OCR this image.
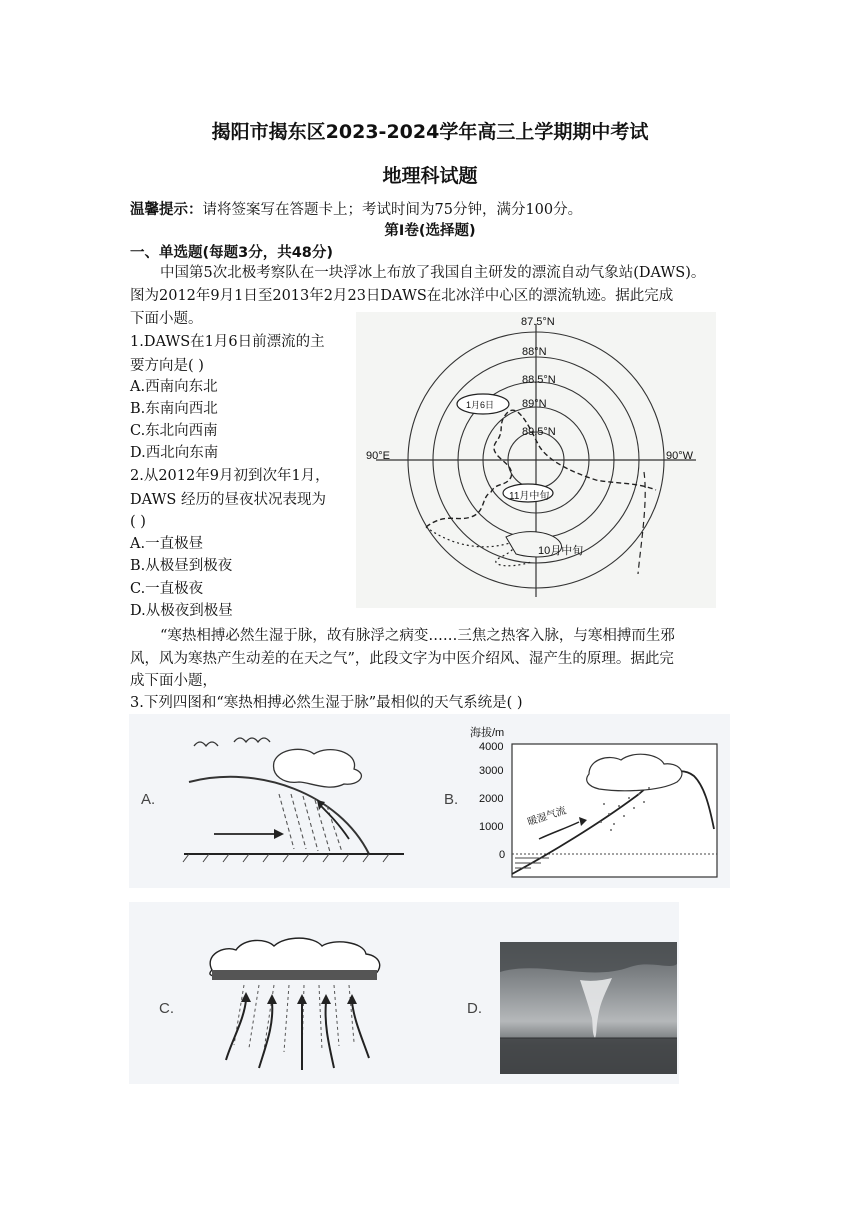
揭阳市揭东区2023-2024学年高三上学期期中考试
地理科试题
温馨提示：请将签案写在答题卡上；考试时间为75分钟，满分100分。
第Ⅰ卷(选择题)
一、单选题(每题3分，共48分)
中国第5次北极考察队在一块浮冰上布放了我国自主研发的漂流自动气象站(DAWS)。
图为2012年9月1日至2013年2月23日DAWS在北冰洋中心区的漂流轨迹。据此完成
下面小题。
1.DAWS在1月6日前漂流的主
要方向是( )
A.西南向东北
B.东南向西北
C.东北向西南
D.西北向东南
2.从2012年9月初到次年1月，
DAWS 经历的昼夜状况表现为
( )
A.一直极昼
B.从极昼到极夜
C.一直极夜
D.从极夜到极昼
87.5°N
88°N
88.5°N
89°N
89.5°N
90°E	90°W
1月6日
11月中旬
10月中旬
“寒热相搏必然生湿于脉，故有脉浮之病变……三焦之热客入脉，与寒相搏而生邪
风，风为寒热产生动差的在天之气”，此段文字为中医介绍风、湿产生的原理。据此完
成下面小题，
3.下列四图和“寒热相搏必然生湿于脉”最相似的天气系统是( )
A.	B.
海拔/m
4000
3000
2000
1000
0
暖湿气流
C.	D.
